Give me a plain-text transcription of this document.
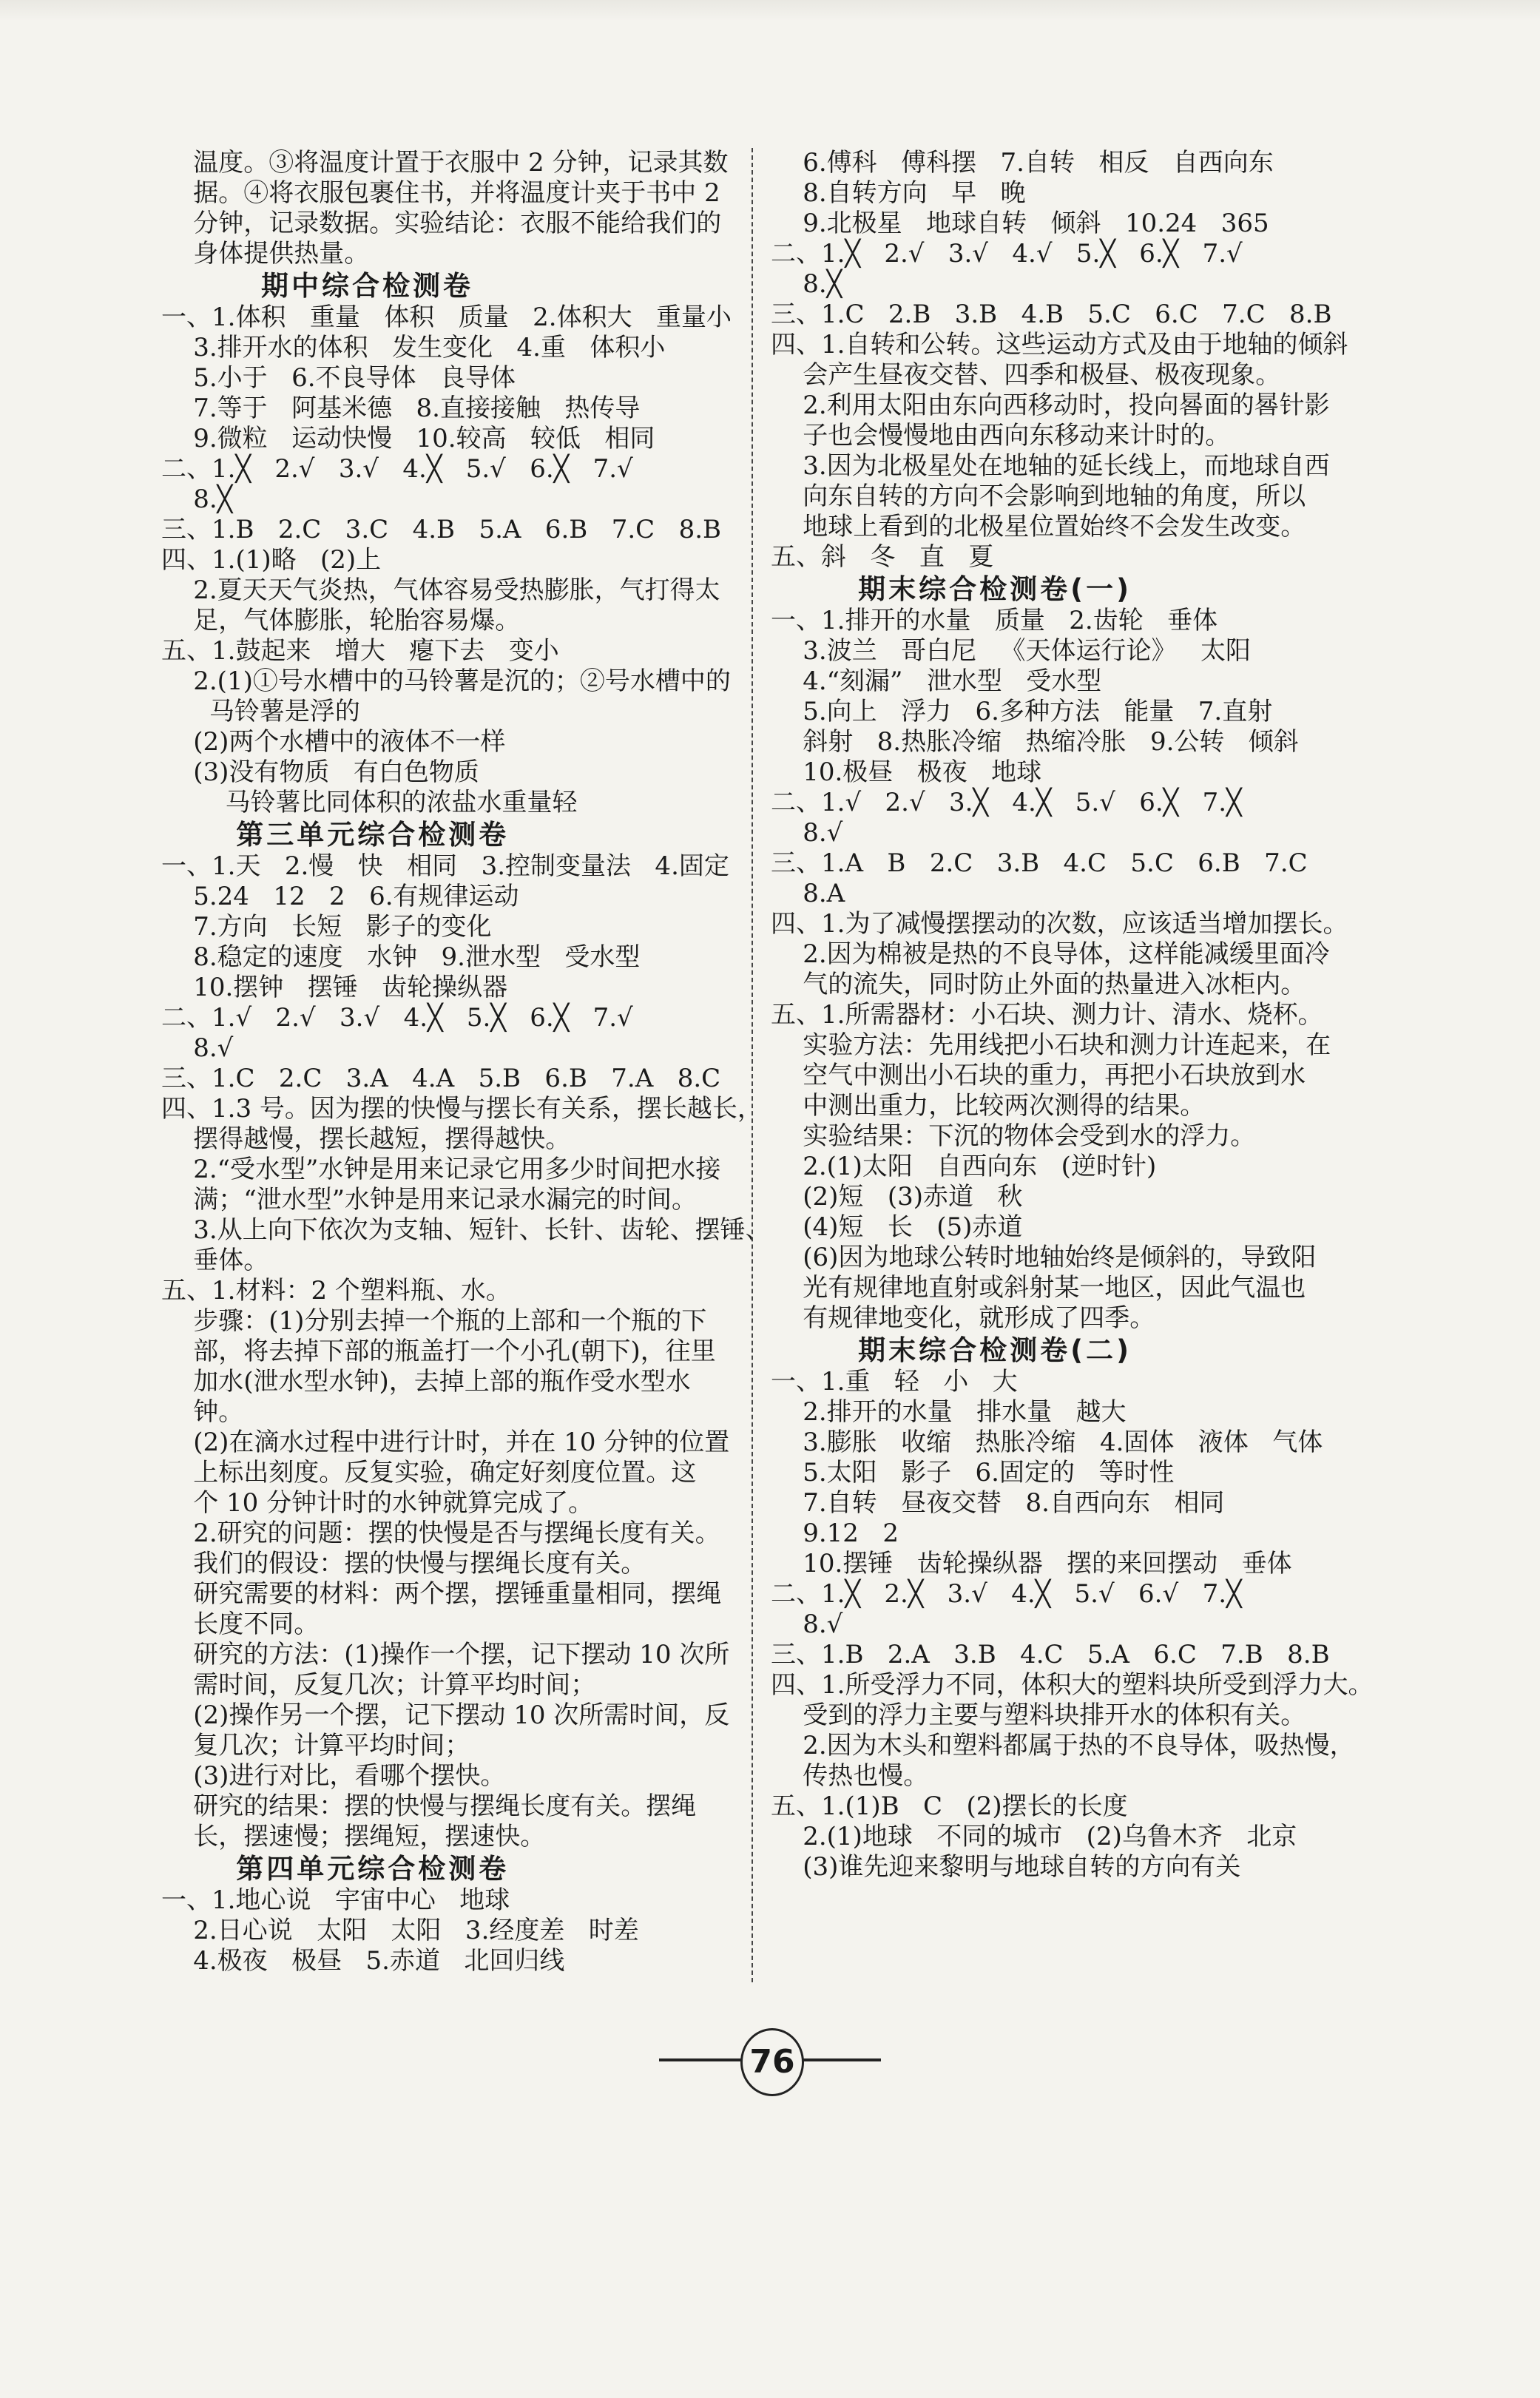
温度。③将温度计置于衣服中 2 分钟，记录其数
据。④将衣服包裹住书，并将温度计夹于书中 2
分钟，记录数据。实验结论：衣服不能给我们的
身体提供热量。
期中综合检测卷
一、1.体积   重量   体积   质量   2.体积大   重量小
3.排开水的体积   发生变化   4.重   体积小
5.小于   6.不良导体   良导体
7.等于   阿基米德   8.直接接触   热传导
9.微粒   运动快慢   10.较高   较低   相同
二、1.╳   2.√   3.√   4.╳   5.√   6.╳   7.√
8.╳
三、1.B   2.C   3.C   4.B   5.A   6.B   7.C   8.B
四、1.(1)略   (2)上
2.夏天天气炎热，气体容易受热膨胀，气打得太
足，气体膨胀，轮胎容易爆。
五、1.鼓起来   增大   瘪下去   变小
2.(1)①号水槽中的马铃薯是沉的；②号水槽中的
马铃薯是浮的
(2)两个水槽中的液体不一样
(3)没有物质   有白色物质
马铃薯比同体积的浓盐水重量轻
第三单元综合检测卷
一、1.天   2.慢   快   相同   3.控制变量法   4.固定
5.24   12   2   6.有规律运动
7.方向   长短   影子的变化
8.稳定的速度   水钟   9.泄水型   受水型
10.摆钟   摆锤   齿轮操纵器
二、1.√   2.√   3.√   4.╳   5.╳   6.╳   7.√
8.√
三、1.C   2.C   3.A   4.A   5.B   6.B   7.A   8.C
四、1.3 号。因为摆的快慢与摆长有关系，摆长越长，
摆得越慢，摆长越短，摆得越快。
2.“受水型”水钟是用来记录它用多少时间把水接
满；“泄水型”水钟是用来记录水漏完的时间。
3.从上向下依次为支轴、短针、长针、齿轮、摆锤、
垂体。
五、1.材料：2 个塑料瓶、水。
步骤：(1)分别去掉一个瓶的上部和一个瓶的下
部，将去掉下部的瓶盖打一个小孔(朝下)，往里
加水(泄水型水钟)，去掉上部的瓶作受水型水
钟。
(2)在滴水过程中进行计时，并在 10 分钟的位置
上标出刻度。反复实验，确定好刻度位置。这
个 10 分钟计时的水钟就算完成了。
2.研究的问题：摆的快慢是否与摆绳长度有关。
我们的假设：摆的快慢与摆绳长度有关。
研究需要的材料：两个摆，摆锤重量相同，摆绳
长度不同。
研究的方法：(1)操作一个摆，记下摆动 10 次所
需时间，反复几次；计算平均时间；
(2)操作另一个摆，记下摆动 10 次所需时间，反
复几次；计算平均时间；
(3)进行对比，看哪个摆快。
研究的结果：摆的快慢与摆绳长度有关。摆绳
长，摆速慢；摆绳短，摆速快。
第四单元综合检测卷
一、1.地心说   宇宙中心   地球
2.日心说   太阳   太阳   3.经度差   时差
4.极夜   极昼   5.赤道   北回归线
6.傅科   傅科摆   7.自转   相反   自西向东
8.自转方向   早   晚
9.北极星   地球自转   倾斜   10.24   365
二、1.╳   2.√   3.√   4.√   5.╳   6.╳   7.√
8.╳
三、1.C   2.B   3.B   4.B   5.C   6.C   7.C   8.B
四、1.自转和公转。这些运动方式及由于地轴的倾斜
会产生昼夜交替、四季和极昼、极夜现象。
2.利用太阳由东向西移动时，投向晷面的晷针影
子也会慢慢地由西向东移动来计时的。
3.因为北极星处在地轴的延长线上，而地球自西
向东自转的方向不会影响到地轴的角度，所以
地球上看到的北极星位置始终不会发生改变。
五、斜   冬   直   夏
期末综合检测卷(一)
一、1.排开的水量   质量   2.齿轮   垂体
3.波兰   哥白尼   《天体运行论》   太阳
4.“刻漏”   泄水型   受水型
5.向上   浮力   6.多种方法   能量   7.直射
斜射   8.热胀冷缩   热缩冷胀   9.公转   倾斜
10.极昼   极夜   地球
二、1.√   2.√   3.╳   4.╳   5.√   6.╳   7.╳
8.√
三、1.A   B   2.C   3.B   4.C   5.C   6.B   7.C
8.A
四、1.为了减慢摆摆动的次数，应该适当增加摆长。
2.因为棉被是热的不良导体，这样能减缓里面冷
气的流失，同时防止外面的热量进入冰柜内。
五、1.所需器材：小石块、测力计、清水、烧杯。
实验方法：先用线把小石块和测力计连起来，在
空气中测出小石块的重力，再把小石块放到水
中测出重力，比较两次测得的结果。
实验结果：下沉的物体会受到水的浮力。
2.(1)太阳   自西向东   (逆时针)
(2)短   (3)赤道   秋
(4)短   长   (5)赤道
(6)因为地球公转时地轴始终是倾斜的，导致阳
光有规律地直射或斜射某一地区，因此气温也
有规律地变化，就形成了四季。
期末综合检测卷(二)
一、1.重   轻   小   大
2.排开的水量   排水量   越大
3.膨胀   收缩   热胀冷缩   4.固体   液体   气体
5.太阳   影子   6.固定的   等时性
7.自转   昼夜交替   8.自西向东   相同
9.12   2
10.摆锤   齿轮操纵器   摆的来回摆动   垂体
二、1.╳   2.╳   3.√   4.╳   5.√   6.√   7.╳
8.√
三、1.B   2.A   3.B   4.C   5.A   6.C   7.B   8.B
四、1.所受浮力不同，体积大的塑料块所受到浮力大。
受到的浮力主要与塑料块排开水的体积有关。
2.因为木头和塑料都属于热的不良导体，吸热慢，
传热也慢。
五、1.(1)B   C   (2)摆长的长度
2.(1)地球   不同的城市   (2)乌鲁木齐   北京
(3)谁先迎来黎明与地球自转的方向有关
76
